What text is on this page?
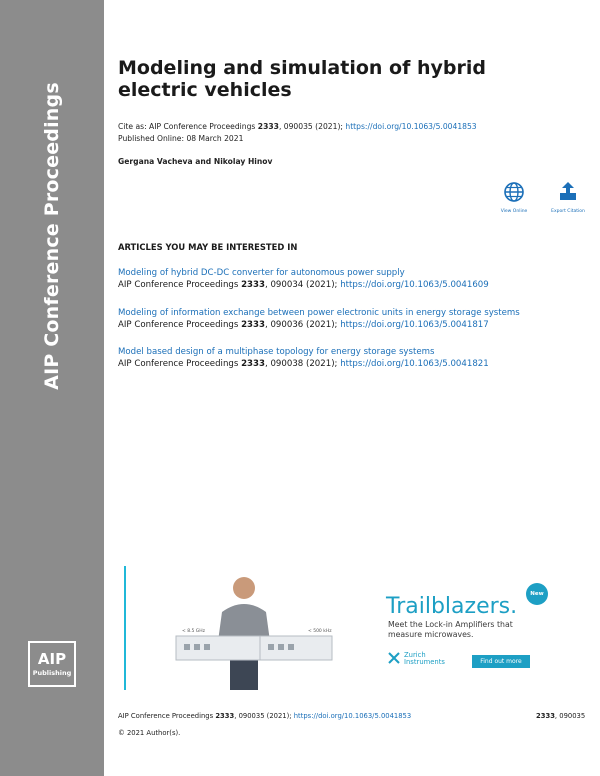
AIP Conference Proceedings
AIP
Publishing
Modeling and simulation of hybrid electric vehicles
Cite as: AIP Conference Proceedings 2333, 090035 (2021); https://doi.org/10.1063/5.0041853
Published Online: 08 March 2021
Gergana Vacheva and Nikolay Hinov
View Online	Export Citation
ARTICLES YOU MAY BE INTERESTED IN
Modeling of hybrid DC-DC converter for autonomous power supply
AIP Conference Proceedings 2333, 090034 (2021); https://doi.org/10.1063/5.0041609
Modeling of information exchange between power electronic units in energy storage systems
AIP Conference Proceedings 2333, 090036 (2021); https://doi.org/10.1063/5.0041817
Model based design of a multiphase topology for energy storage systems
AIP Conference Proceedings 2333, 090038 (2021); https://doi.org/10.1063/5.0041821
< 8.5 GHz	< 500 kHz
New
Trailblazers.
Meet the Lock-in Amplifiers that
measure microwaves.
Zurich
Instruments	Find out more
AIP Conference Proceedings 2333, 090035 (2021); https://doi.org/10.1063/5.0041853	2333, 090035
© 2021 Author(s).
